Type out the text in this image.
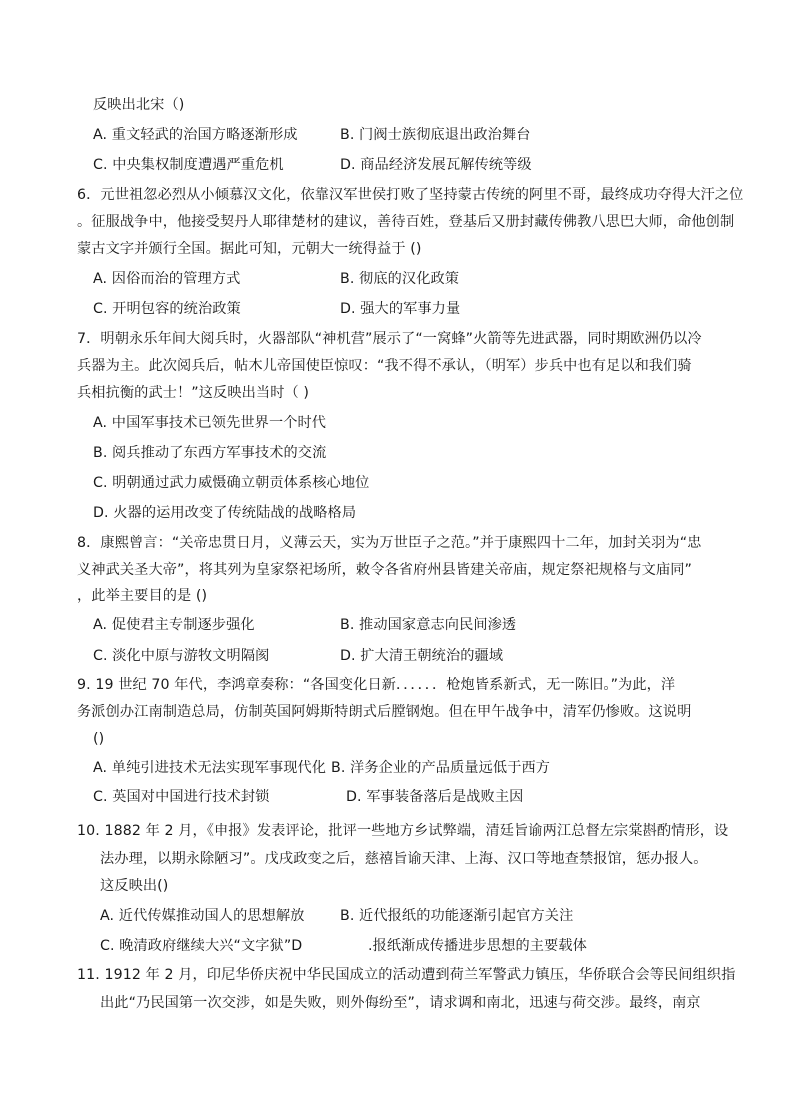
反映出北宋（)
A. 重文轻武的治国方略逐渐形成	B. 门阀士族彻底退出政治舞台
C. 中央集权制度遭遇严重危机	D. 商品经济发展瓦解传统等级
6．元世祖忽必烈从小倾慕汉文化，依靠汉军世侯打败了坚持蒙古传统的阿里不哥，最终成功夺得大汗之位
。征服战争中，他接受契丹人耶律楚材的建议，善待百姓，登基后又册封藏传佛教八思巴大师，命他创制
蒙古文字并颁行全国。据此可知，元朝大一统得益于 ()
A. 因俗而治的管理方式	B. 彻底的汉化政策
C. 开明包容的统治政策	D. 强大的军事力量
7．明朝永乐年间大阅兵时，火器部队“神机营”展示了“一窝蜂”火箭等先进武器，同时期欧洲仍以冷
兵器为主。此次阅兵后，帖木儿帝国使臣惊叹：“我不得不承认，（明军）步兵中也有足以和我们骑
兵相抗衡的武士！”这反映出当时（ )
A. 中国军事技术已领先世界一个时代
B. 阅兵推动了东西方军事技术的交流
C. 明朝通过武力威慑确立朝贡体系核心地位
D. 火器的运用改变了传统陆战的战略格局
8．康熙曾言：“关帝忠贯日月，义薄云天，实为万世臣子之范。”并于康熙四十二年，加封关羽为“忠
义神武关圣大帝”，将其列为皇家祭祀场所，敕令各省府州县皆建关帝庙，规定祭祀规格与文庙同”
，此举主要目的是 ()
A. 促使君主专制逐步强化	B. 推动国家意志向民间渗透
C. 淡化中原与游牧文明隔阂	D. 扩大清王朝统治的疆域
9. 19 世纪 70 年代，李鸿章奏称：“各国变化日新．．．．．．枪炮皆系新式，无一陈旧。”为此，洋
务派创办江南制造总局，仿制英国阿姆斯特朗式后膛钢炮。但在甲午战争中，清军仍惨败。这说明
()
A. 单纯引进技术无法实现军事现代化 B. 洋务企业的产品质量远低于西方
C. 英国对中国进行技术封锁	D. 军事装备落后是战败主因
10. 1882 年 2 月，《申报》发表评论，批评一些地方乡试弊端，清廷旨谕两江总督左宗棠斟酌情形，设
法办理，以期永除陋习”。戊戌政变之后，慈禧旨谕天津、上海、汉口等地查禁报馆，惩办报人。
这反映出()
A. 近代传媒推动国人的思想解放 B. 近代报纸的功能逐渐引起官方关注
C. 晚清政府继续大兴“文字狱”D	.报纸渐成传播进步思想的主要载体
11. 1912 年 2 月，印尼华侨庆祝中华民国成立的活动遭到荷兰军警武力镇压，华侨联合会等民间组织指
出此“乃民国第一次交涉，如是失败，则外侮纷至”，请求调和南北，迅速与荷交涉。最终，南京
